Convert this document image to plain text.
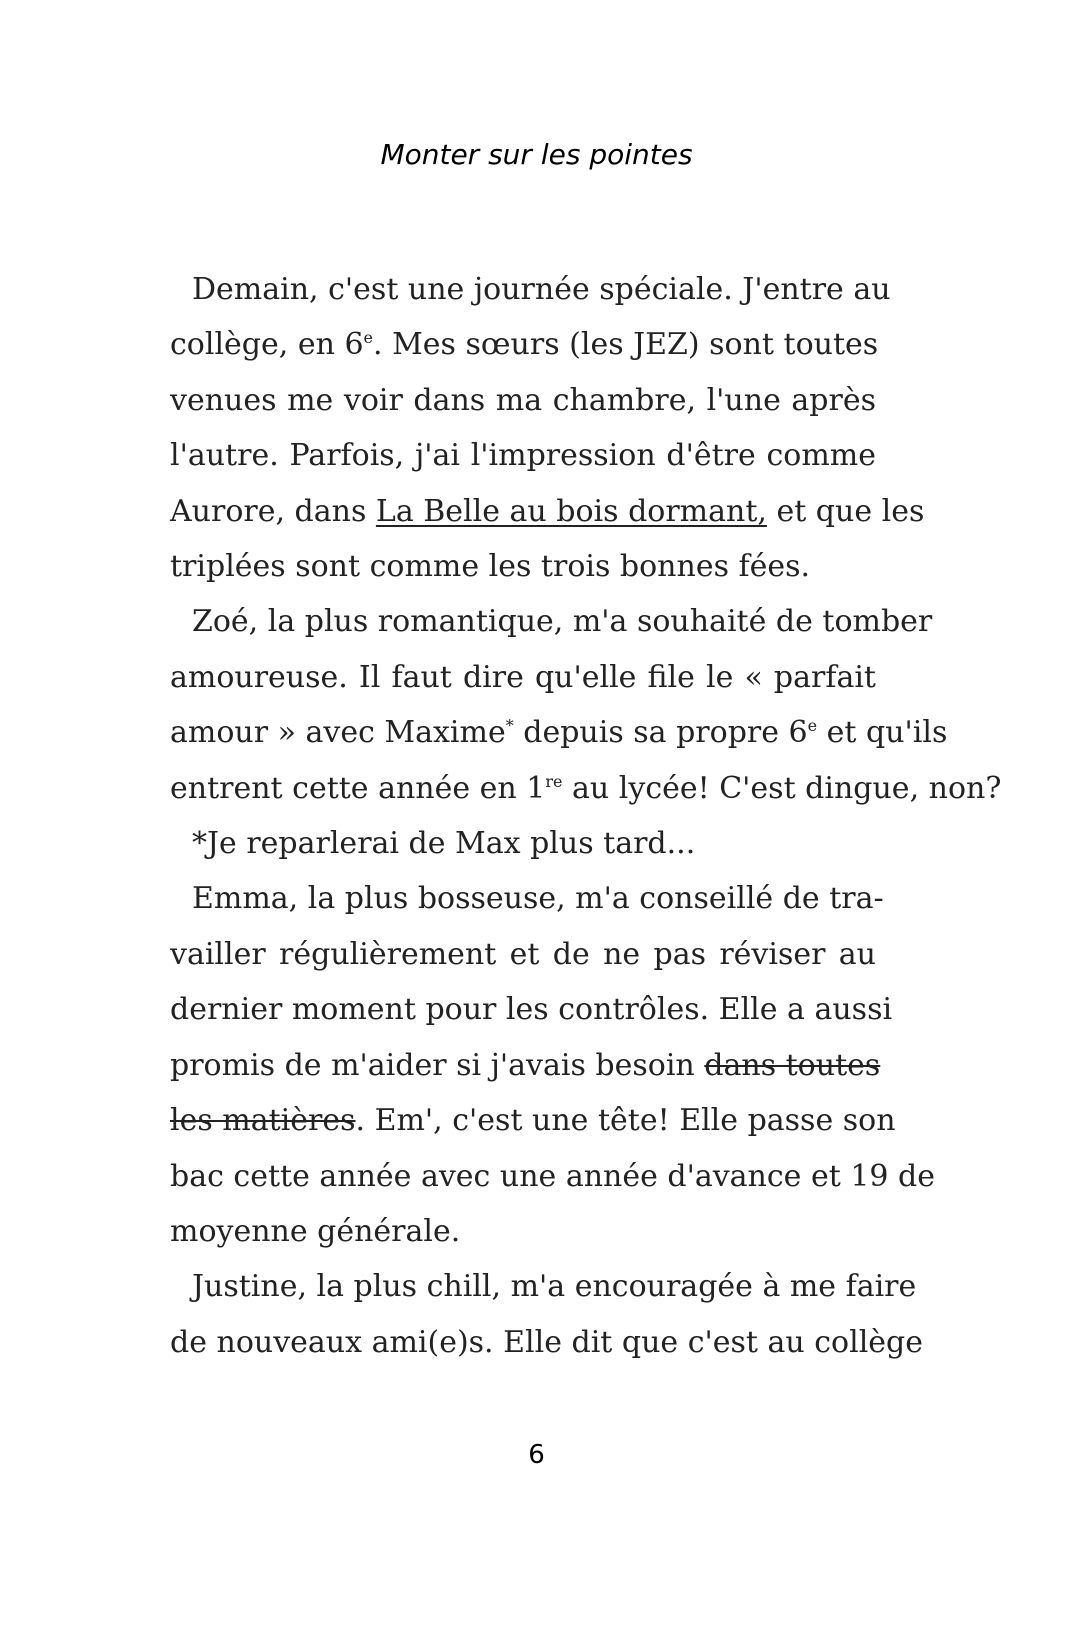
Monter sur les pointes
Demain, c'est une journée spéciale. J'entre au
collège, en 6e. Mes sœurs (les JEZ) sont toutes
venues me voir dans ma chambre, l'une après
l'autre. Parfois, j'ai l'impression d'être comme
Aurore, dans La Belle au bois dormant, et que les
triplées sont comme les trois bonnes fées.
Zoé, la plus romantique, m'a souhaité de tomber
amoureuse. Il faut dire qu'elle file le « parfait
amour » avec Maxime* depuis sa propre 6e et qu'ils
entrent cette année en 1re au lycée! C'est dingue, non?
*Je reparlerai de Max plus tard...
Emma, la plus bosseuse, m'a conseillé de tra-
vailler régulièrement et de ne pas réviser au
dernier moment pour les contrôles. Elle a aussi
promis de m'aider si j'avais besoin dans toutes
les matières. Em', c'est une tête! Elle passe son
bac cette année avec une année d'avance et 19 de
moyenne générale.
Justine, la plus chill, m'a encouragée à me faire
de nouveaux ami(e)s. Elle dit que c'est au collège
6
